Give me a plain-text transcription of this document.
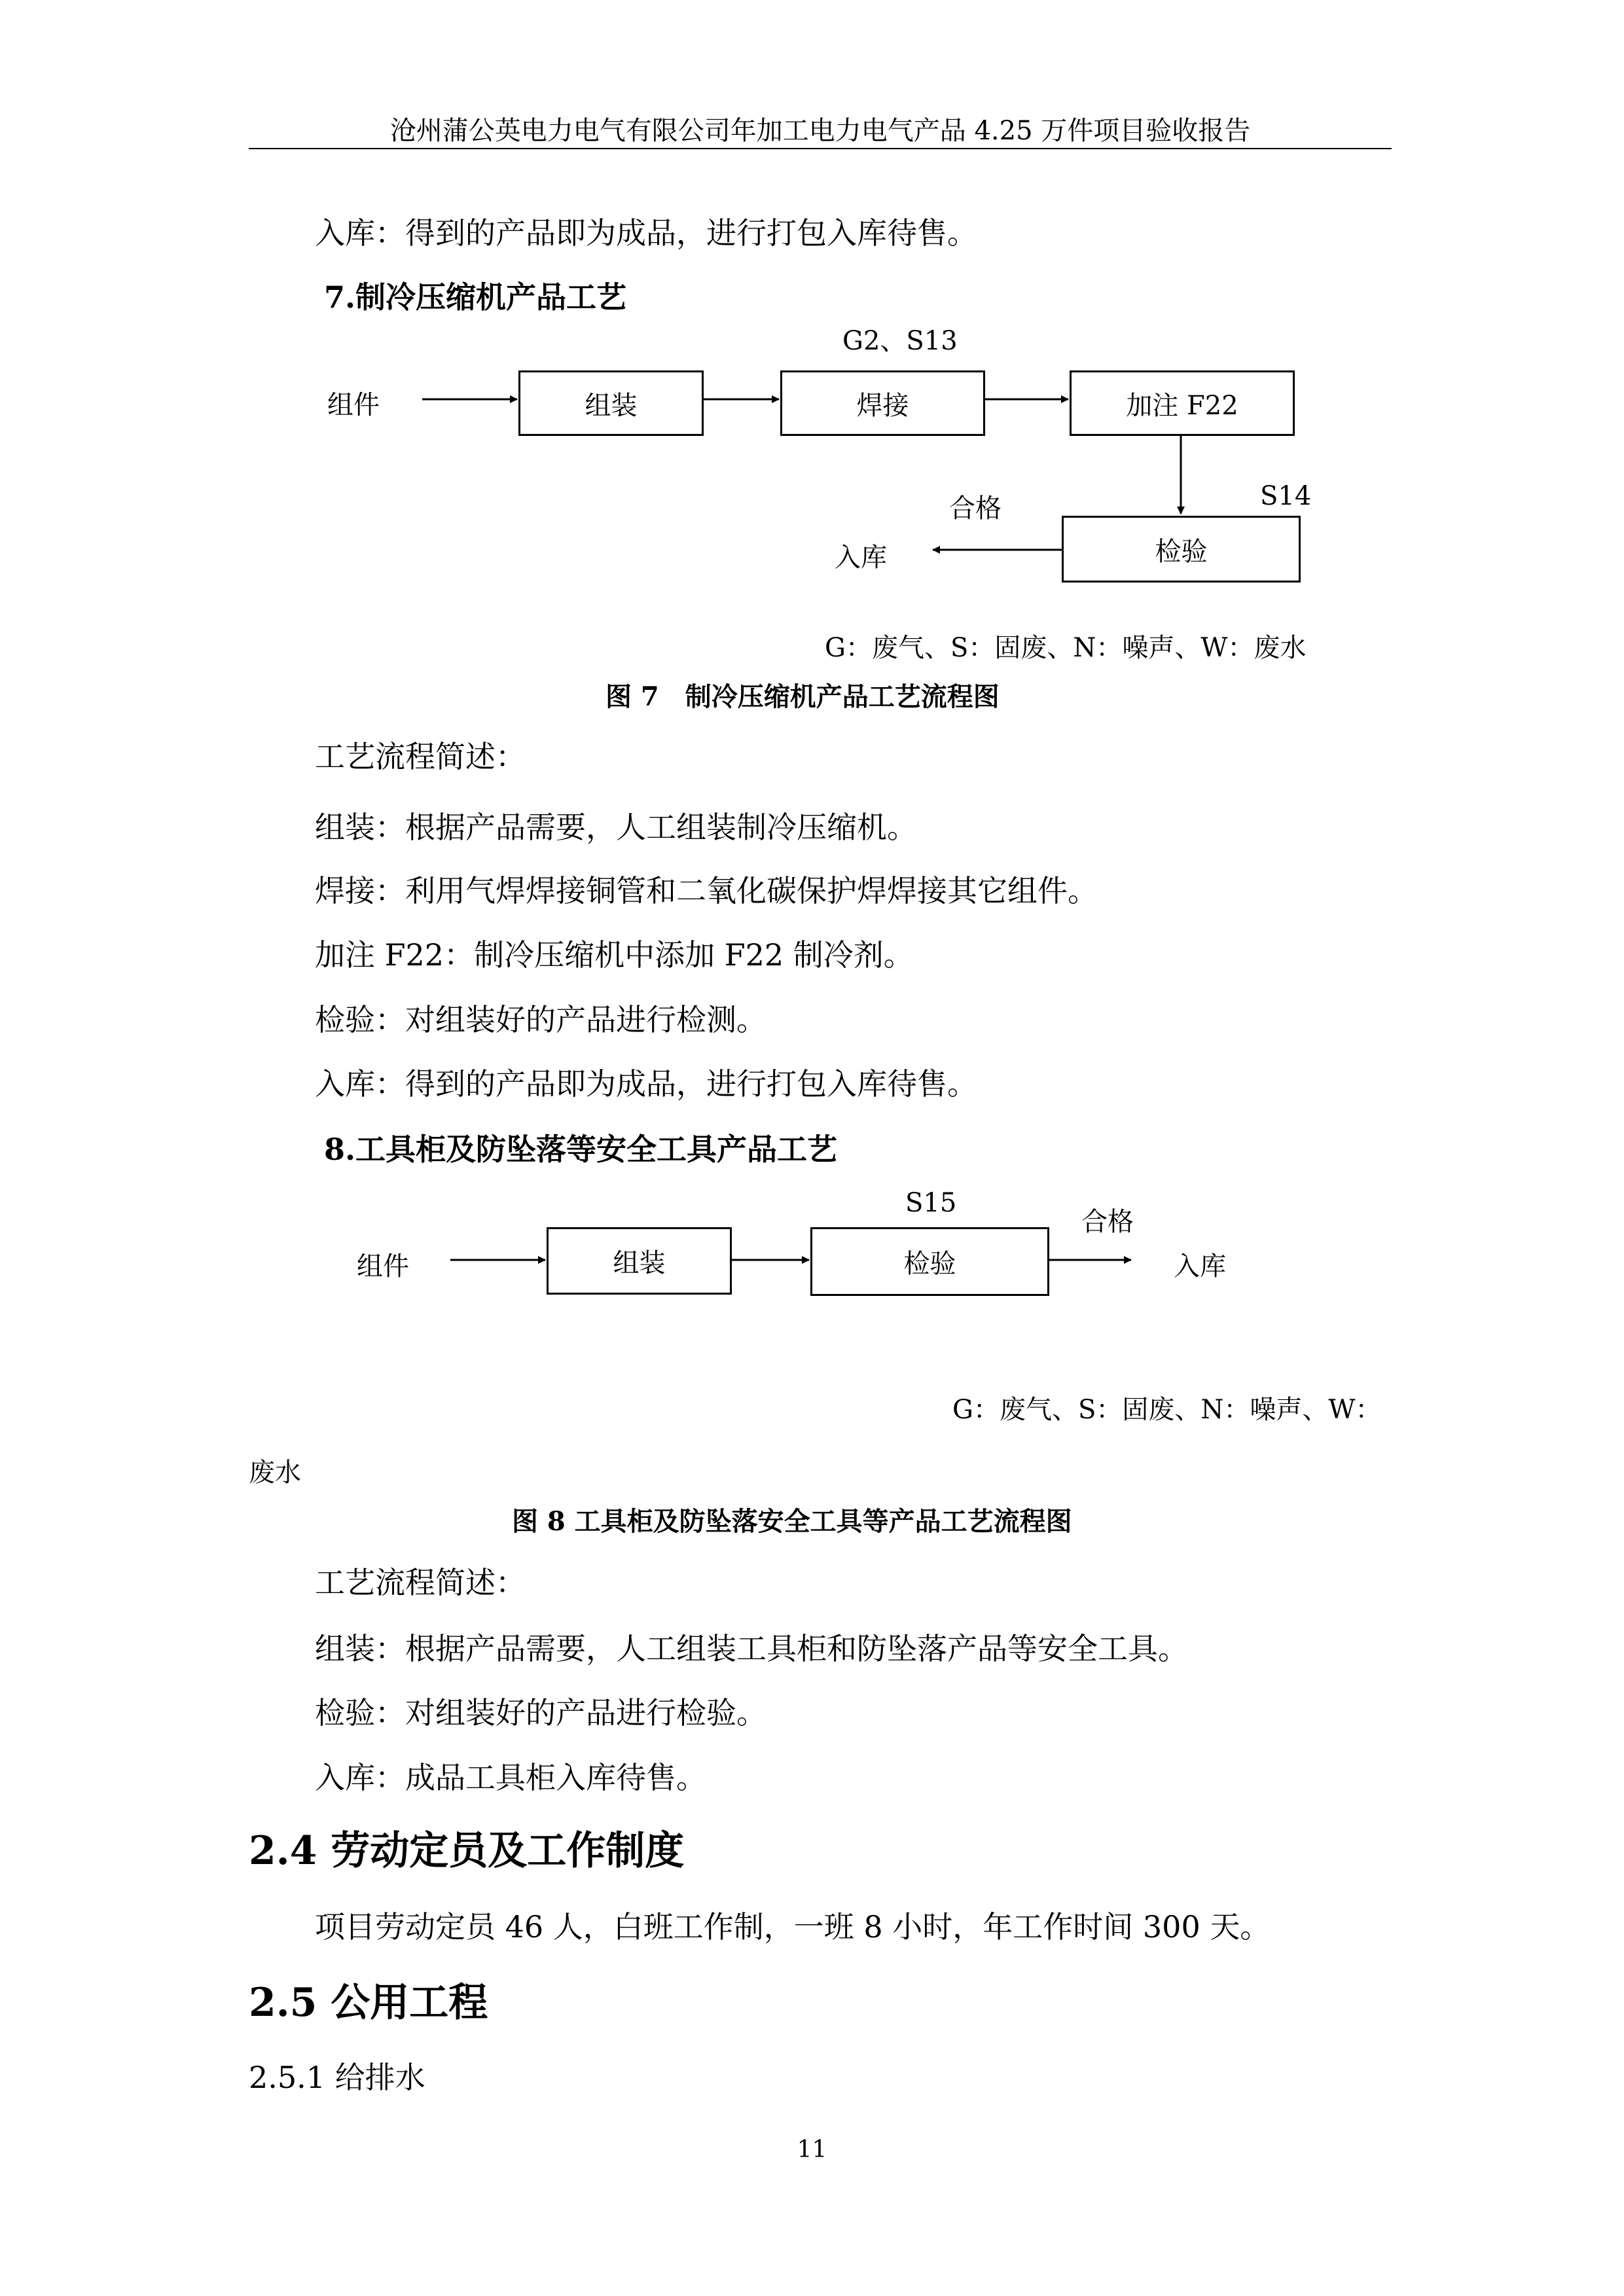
沧州蒲公英电力电气有限公司年加工电力电气产品 4.25 万件项目验收报告
入库：得到的产品即为成品，进行打包入库待售。
7.制冷压缩机产品工艺
组件	组装
G2、S13
焊接	加注 F22
S14
检验
合格
入库
G：废气、S：固废、N：噪声、W：废水
图 7　制冷压缩机产品工艺流程图
工艺流程简述：
组装：根据产品需要，人工组装制冷压缩机。
焊接：利用气焊焊接铜管和二氧化碳保护焊焊接其它组件。
加注 F22：制冷压缩机中添加 F22 制冷剂。
检验：对组装好的产品进行检测。
入库：得到的产品即为成品，进行打包入库待售。
8.工具柜及防坠落等安全工具产品工艺
组件	组装
S15
检验
合格
入库
G：废气、S：固废、N：噪声、W：
废水
图 8 工具柜及防坠落安全工具等产品工艺流程图
工艺流程简述：
组装：根据产品需要，人工组装工具柜和防坠落产品等安全工具。
检验：对组装好的产品进行检验。
入库：成品工具柜入库待售。
2.4 劳动定员及工作制度
项目劳动定员 46 人，白班工作制，一班 8 小时，年工作时间 300 天。
2.5 公用工程
2.5.1 给排水
11
